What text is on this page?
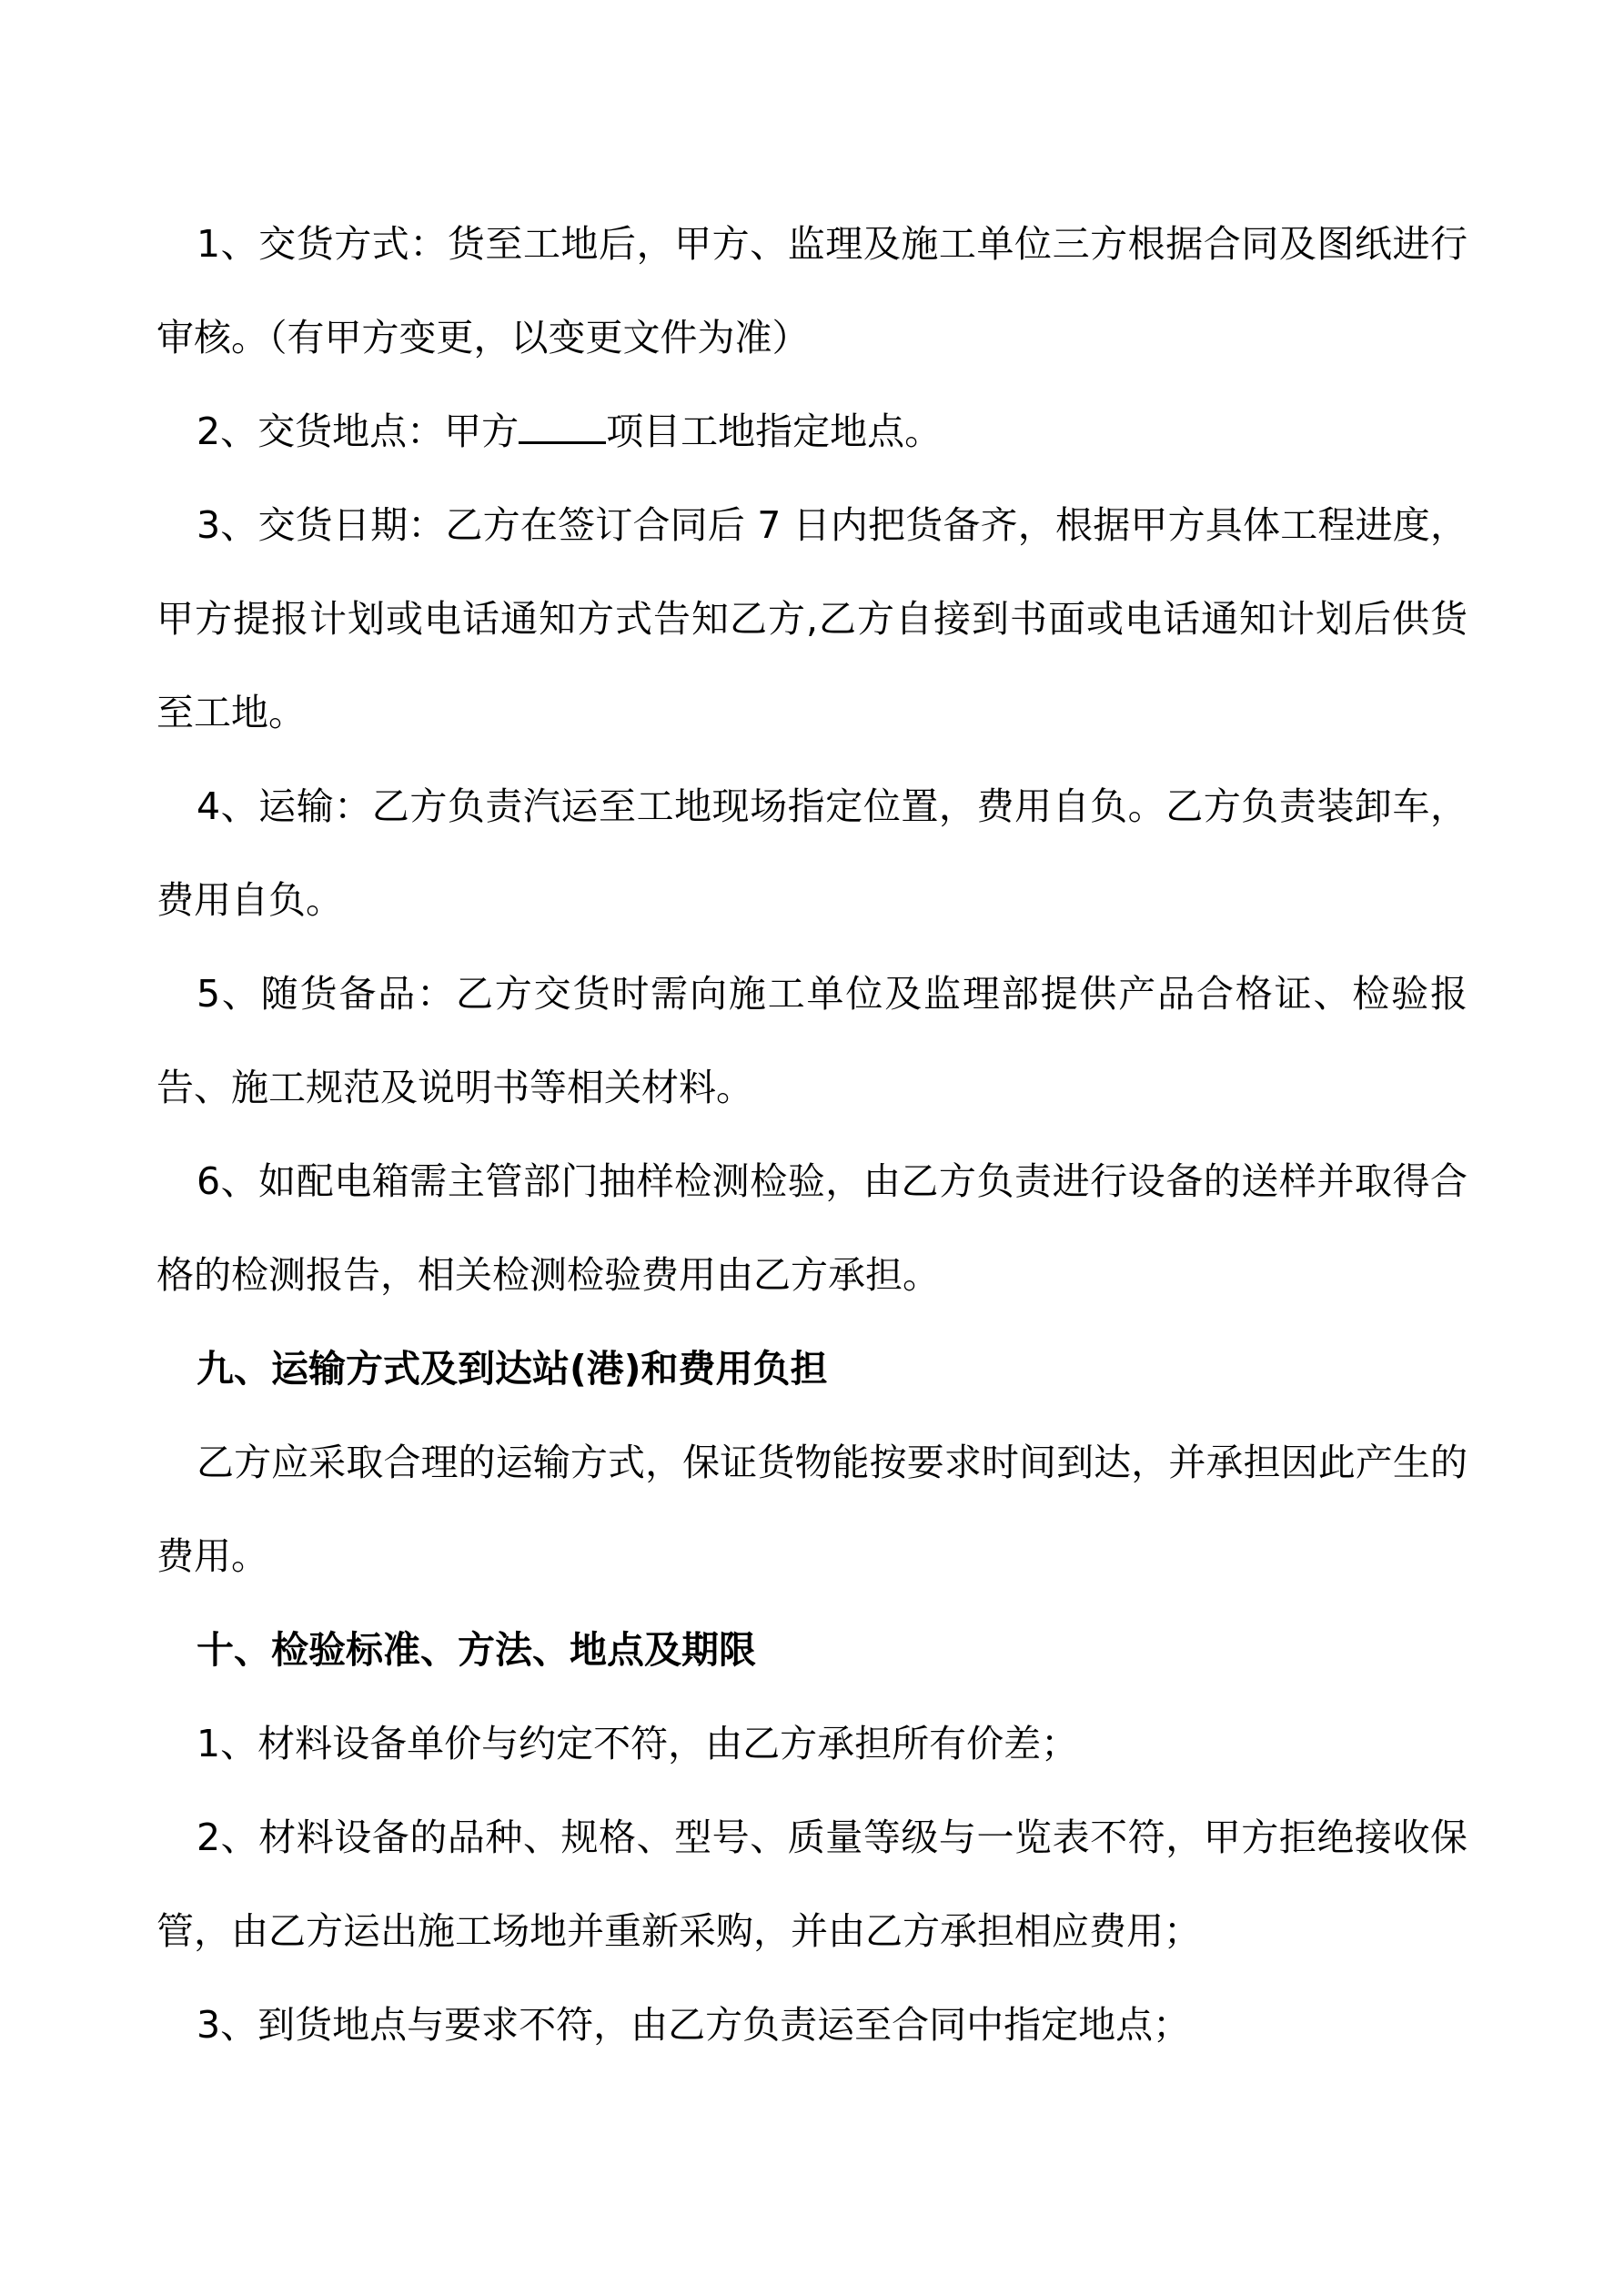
1、交货方式：货至工地后，甲方、监理及施工单位三方根据合同及图纸进行审核。（有甲方变更，以变更文件为准）

2、交货地点：甲方 项目工地指定地点。

3、交货日期：乙方在签订合同后 7 日内把货备齐，根据甲方具体工程进度，甲方提报计划或电话通知方式告知乙方,乙方自接到书面或电话通知计划后供货至工地。

4、运输：乙方负责汽运至工地现场指定位置，费用自负。乙方负责装卸车，费用自负。

5、随货备品：乙方交货时需向施工单位及监理部提供产品合格证、检验报告、施工规范及说明书等相关材料。

6、如配电箱需主管部门抽样检测检验，由乙方负责进行设备的送样并取得合格的检测报告，相关检测检验费用由乙方承担。

九、运输方式及到达站(港)和费用负担

乙方应采取合理的运输方式，保证货物能按要求时间到达，并承担因此产生的费用。

十、检验标准、方法、地点及期限

1、材料设备单价与约定不符，由乙方承担所有价差；

2、材料设备的品种、规格、型号、质量等级与一览表不符，甲方拒绝接收保管，由乙方运出施工场地并重新采购，并由乙方承担相应费用；

3、到货地点与要求不符，由乙方负责运至合同中指定地点；
